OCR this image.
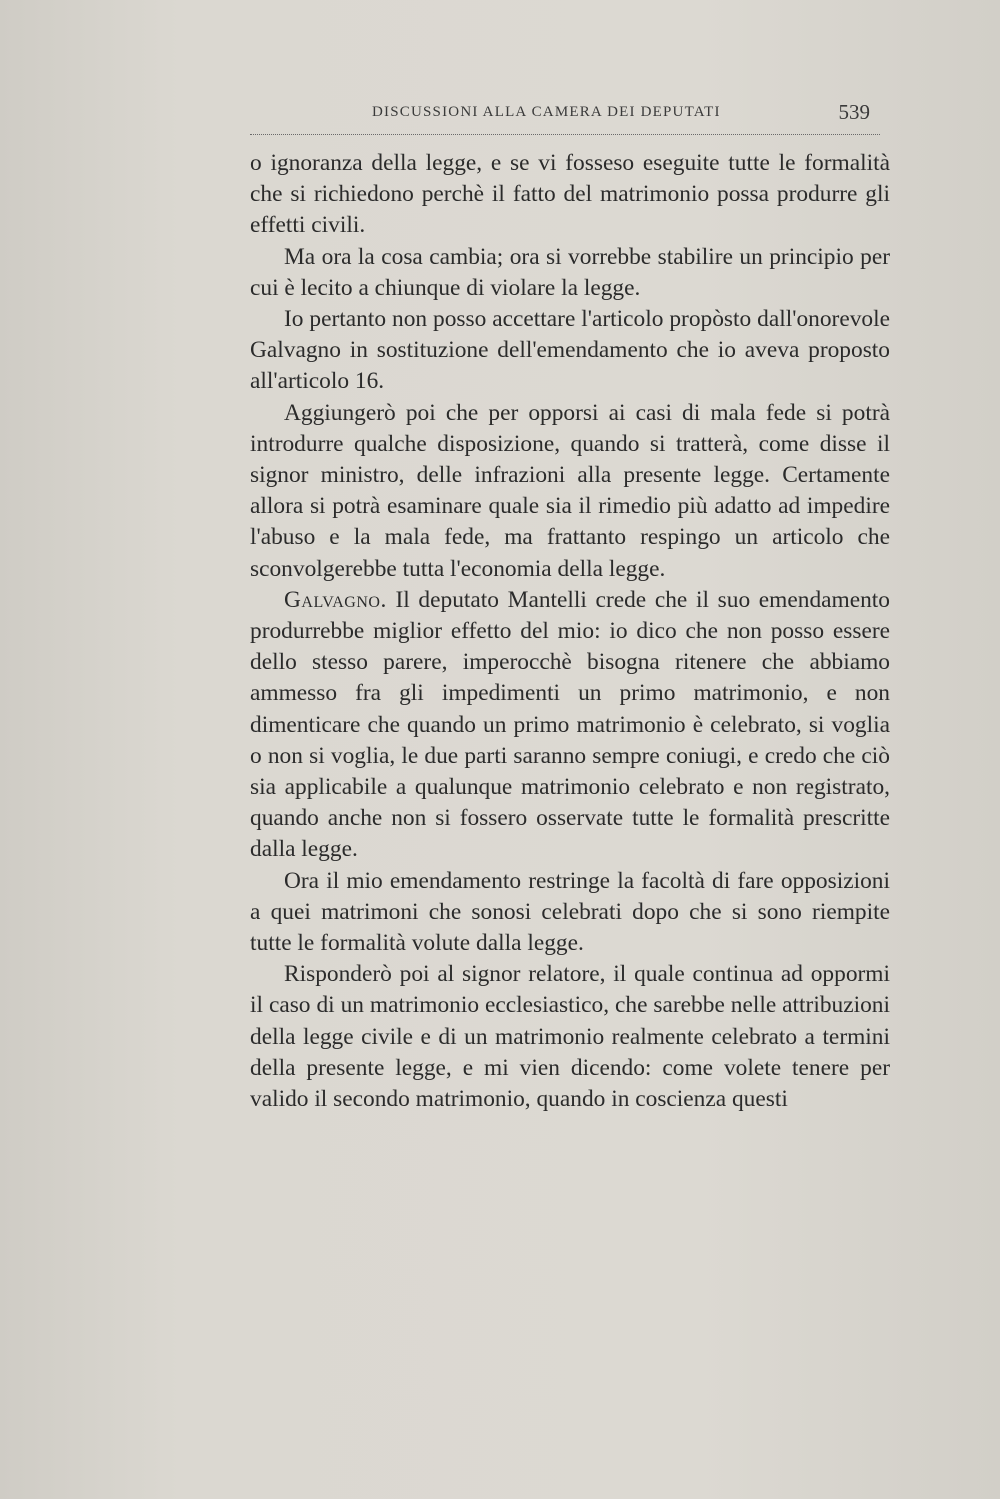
DISCUSSIONI ALLA CAMERA DEI DEPUTATI	539

o ignoranza della legge, e se vi fosseso eseguite tutte le formalità che si richiedono perchè il fatto del matrimonio possa produrre gli effetti civili.

Ma ora la cosa cambia; ora si vorrebbe stabilire un principio per cui è lecito a chiunque di violare la legge.

Io pertanto non posso accettare l'articolo propòsto dall'onorevole Galvagno in sostituzione dell'emendamento che io aveva proposto all'articolo 16.

Aggiungerò poi che per opporsi ai casi di mala fede si potrà introdurre qualche disposizione, quando si tratterà, come disse il signor ministro, delle infrazioni alla presente legge. Certamente allora si potrà esaminare quale sia il rimedio più adatto ad impedire l'abuso e la mala fede, ma frattanto respingo un articolo che sconvolgerebbe tutta l'economia della legge.

Galvagno. Il deputato Mantelli crede che il suo emendamento produrrebbe miglior effetto del mio: io dico che non posso essere dello stesso parere, imperocchè bisogna ritenere che abbiamo ammesso fra gli impedimenti un primo matrimonio, e non dimenticare che quando un primo matrimonio è celebrato, si voglia o non si voglia, le due parti saranno sempre coniugi, e credo che ciò sia applicabile a qualunque matrimonio celebrato e non registrato, quando anche non si fossero osservate tutte le formalità prescritte dalla legge.

Ora il mio emendamento restringe la facoltà di fare opposizioni a quei matrimoni che sonosi celebrati dopo che si sono riempite tutte le formalità volute dalla legge.

Risponderò poi al signor relatore, il quale continua ad oppormi il caso di un matrimonio ecclesiastico, che sarebbe nelle attribuzioni della legge civile e di un matrimonio realmente celebrato a termini della presente legge, e mi vien dicendo: come volete tenere per valido il secondo matrimonio, quando in coscienza questi
